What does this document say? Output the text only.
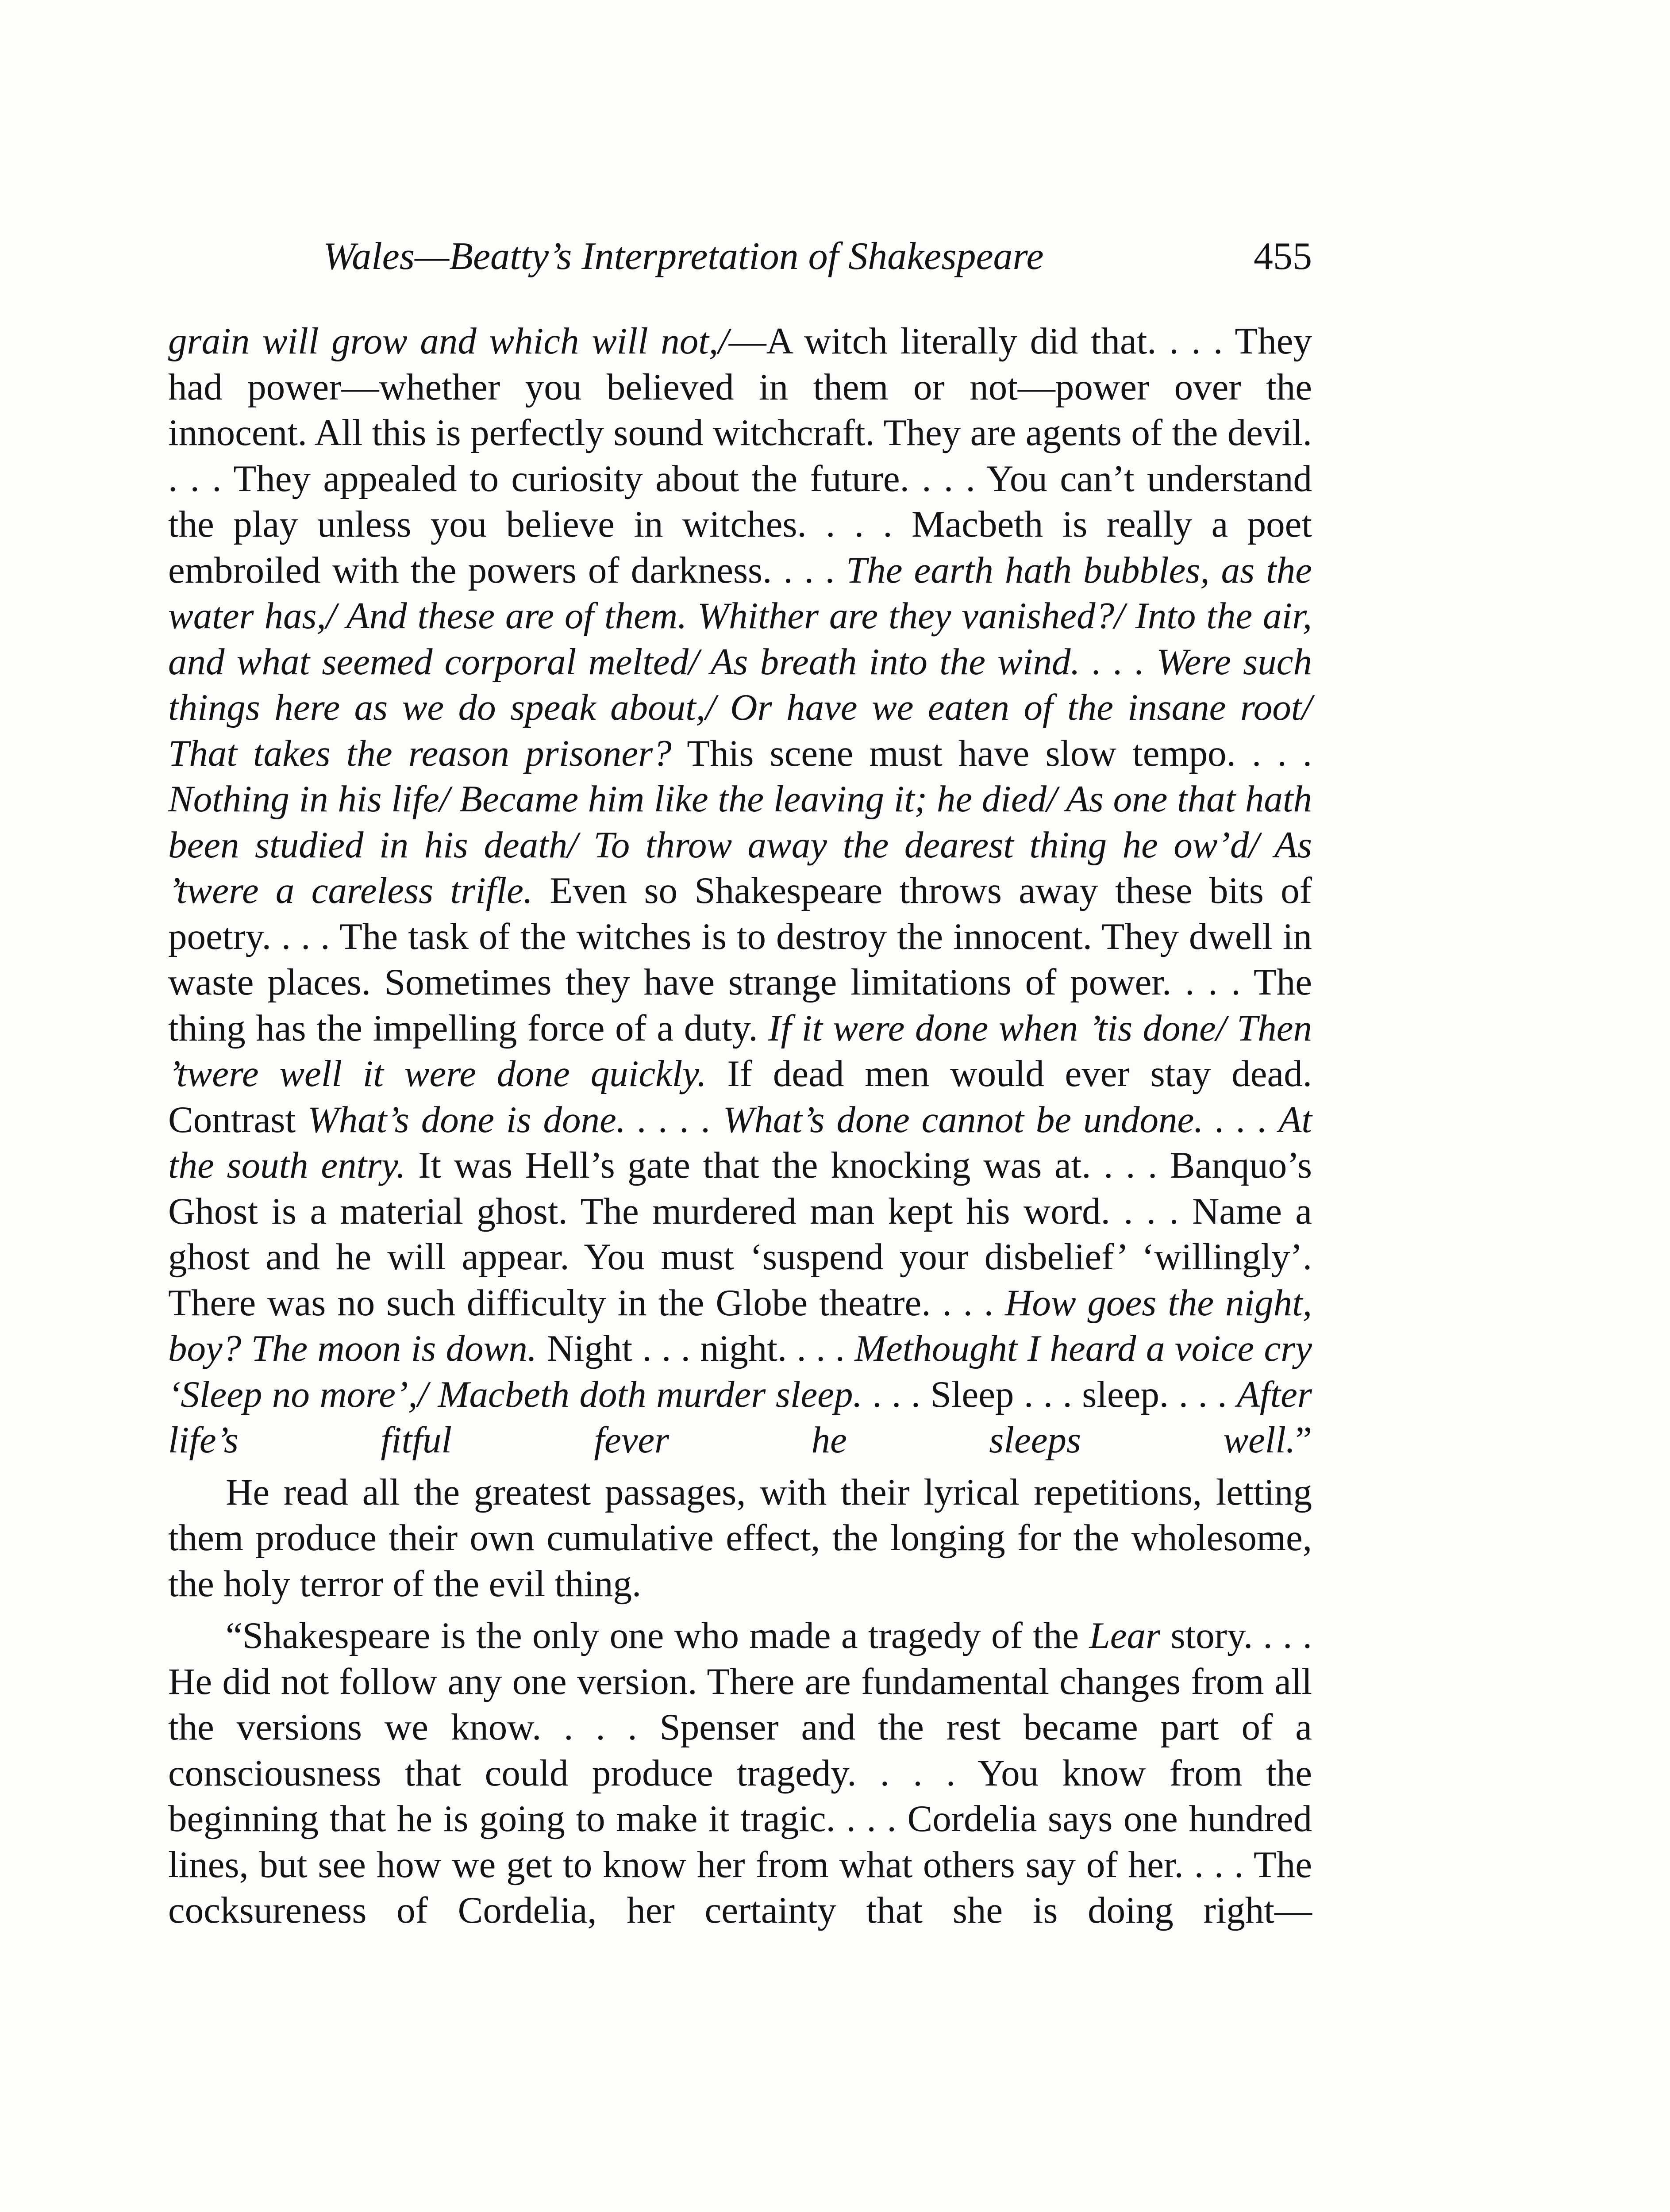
Wales—Beatty’s Interpretation of Shakespeare	455

grain will grow and which will not,/—A witch literally did that. . . . They had power—whether you believed in them or not—power over the innocent. All this is perfectly sound witchcraft. They are agents of the devil. . . . They appealed to curiosity about the future. . . . You can’t understand the play unless you believe in witches. . . . Macbeth is really a poet embroiled with the powers of darkness. . . . The earth hath bubbles, as the water has,/ And these are of them. Whither are they vanished?/ Into the air, and what seemed corporal melted/ As breath into the wind. . . . Were such things here as we do speak about,/ Or have we eaten of the insane root/ That takes the reason prisoner? This scene must have slow tempo. . . . Nothing in his life/ Became him like the leaving it; he died/ As one that hath been studied in his death/ To throw away the dearest thing he ow’d/ As ’twere a careless trifle. Even so Shakespeare throws away these bits of poetry. . . . The task of the witches is to destroy the innocent. They dwell in waste places. Sometimes they have strange limitations of power. . . . The thing has the impelling force of a duty. If it were done when ’tis done/ Then ’twere well it were done quickly. If dead men would ever stay dead. Contrast What’s done is done. . . . . What’s done cannot be undone. . . . At the south entry. It was Hell’s gate that the knocking was at. . . . Banquo’s Ghost is a material ghost. The murdered man kept his word. . . . Name a ghost and he will appear. You must ‘suspend your disbelief’ ‘willingly’. There was no such difficulty in the Globe theatre. . . . How goes the night, boy? The moon is down. Night . . . night. . . . Methought I heard a voice cry ‘Sleep no more’,/ Macbeth doth murder sleep. . . . Sleep . . . sleep. . . . After life’s fitful fever he sleeps well.”

He read all the greatest passages, with their lyrical repetitions, letting them produce their own cumulative effect, the longing for the wholesome, the holy terror of the evil thing.

“Shakespeare is the only one who made a tragedy of the Lear story. . . . He did not follow any one version. There are fundamental changes from all the versions we know. . . . Spenser and the rest became part of a consciousness that could produce tragedy. . . . You know from the beginning that he is going to make it tragic. . . . Cordelia says one hundred lines, but see how we get to know her from what others say of her. . . . The cocksureness of Cordelia, her certainty that she is doing right—
